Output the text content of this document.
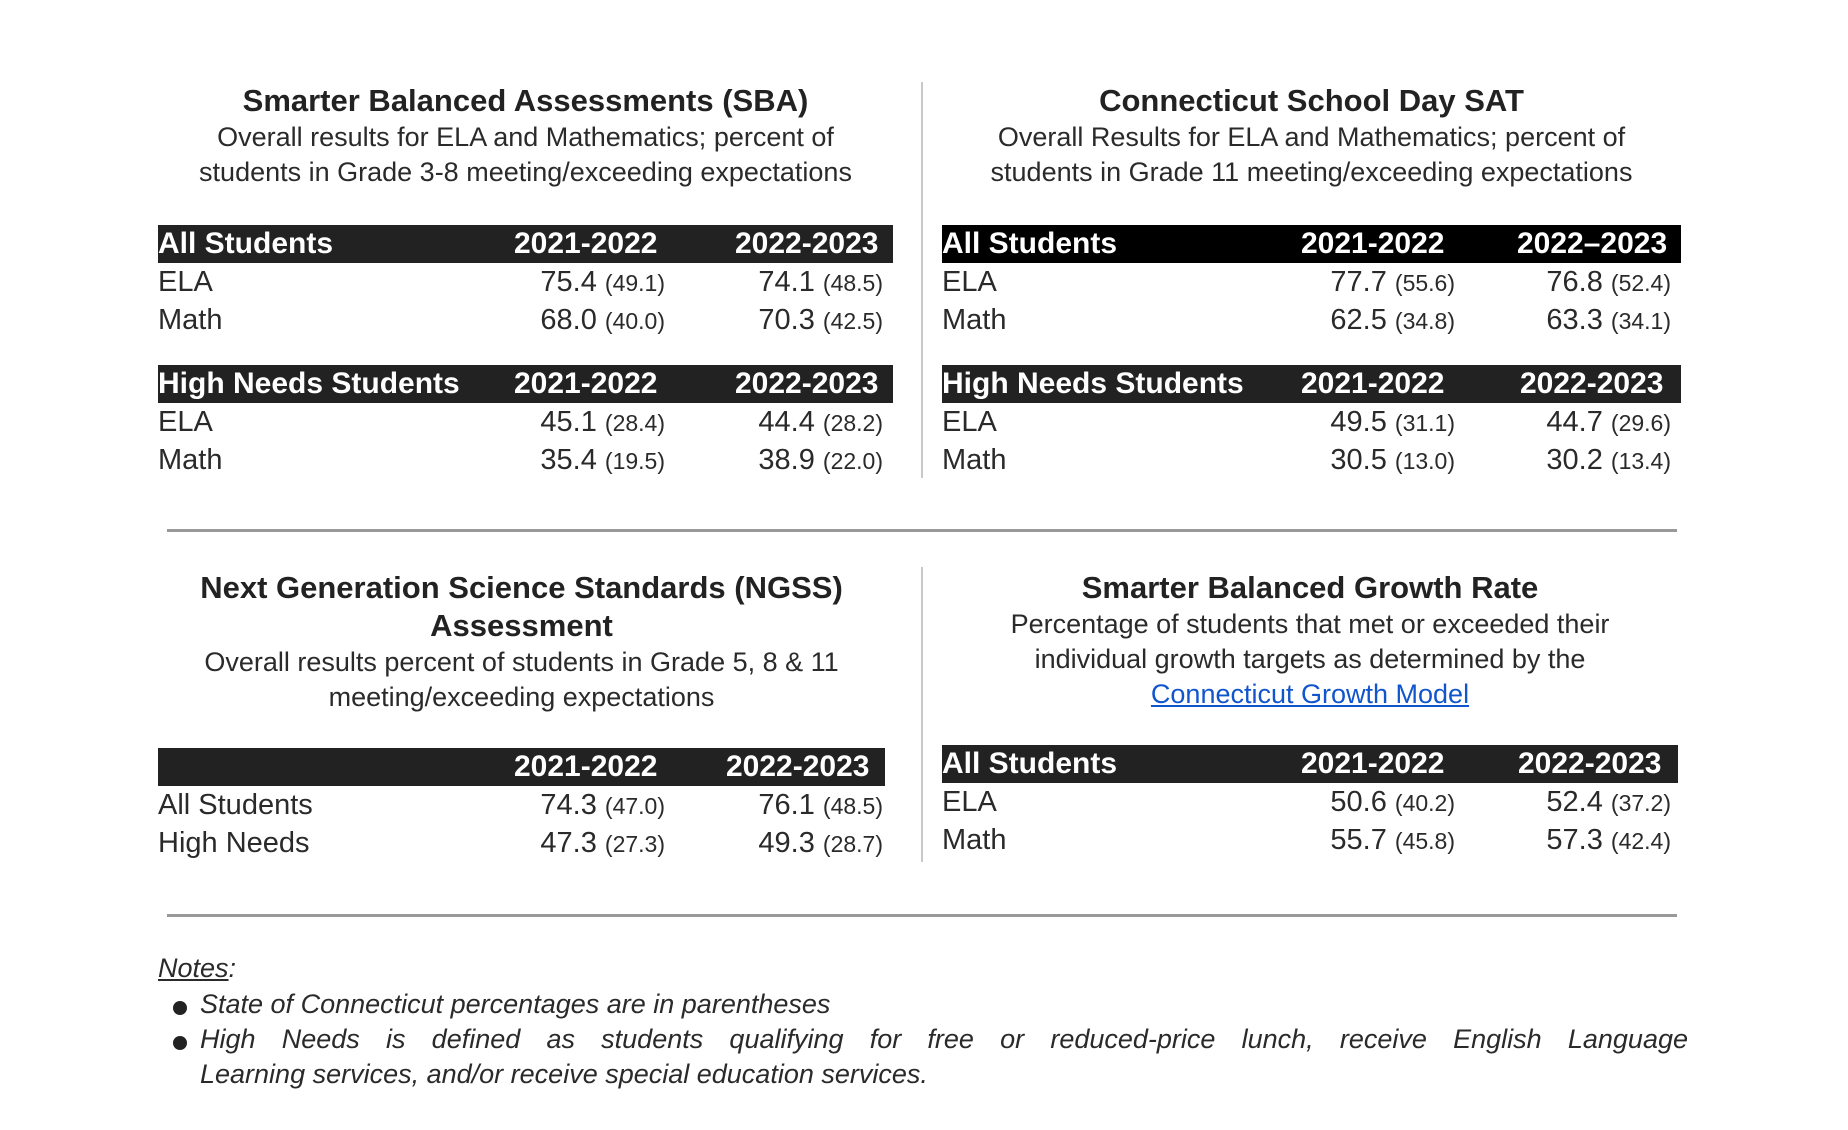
Smarter Balanced Assessments (SBA)
Overall results for ELA and Mathematics; percent of
students in Grade 3-8 meeting/exceeding expectations
All Students	2021-2022	2022-2023
ELA	75.4 (49.1)	74.1 (48.5)
Math	68.0 (40.0)	70.3 (42.5)
High Needs Students 2021-2022	2022-2023
ELA	45.1 (28.4)	44.4 (28.2)
Math	35.4 (19.5)	38.9 (22.0)
Connecticut School Day SAT
Overall Results for ELA and Mathematics; percent of
students in Grade 11 meeting/exceeding expectations
All Students	2021-2022 2022–2023
ELA	77.7 (55.6)	76.8 (52.4)
Math	62.5 (34.8)	63.3 (34.1)
High Needs Students 2021-2022	2022-2023
ELA	49.5 (31.1)	44.7 (29.6)
Math	30.5 (13.0)	30.2 (13.4)
Next Generation Science Standards (NGSS)
Assessment
Overall results percent of students in Grade 5, 8 & 11
meeting/exceeding expectations
2021-2022 2022-2023
All Students	74.3 (47.0)	76.1 (48.5)
High Needs	47.3 (27.3)	49.3 (28.7)
Smarter Balanced Growth Rate
Percentage of students that met or exceeded their
individual growth targets as determined by the
Connecticut Growth Model
All Students	2021-2022 2022-2023
ELA	50.6 (40.2)	52.4 (37.2)
Math	55.7 (45.8)	57.3 (42.4)
Notes:
State of Connecticut percentages are in parentheses
High Needs is defined as students qualifying for free or reduced-price lunch, receive English Language
Learning services, and/or receive special education services.
